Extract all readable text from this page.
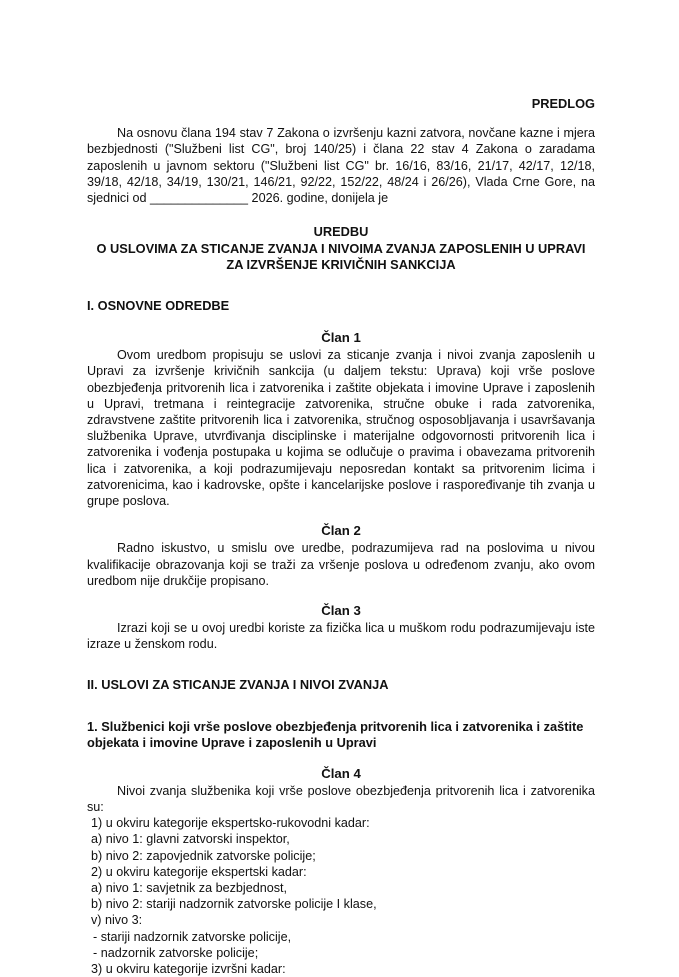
PREDLOG

Na osnovu člana 194 stav 7 Zakona o izvršenju kazni zatvora, novčane kazne i mjera bezbjednosti ("Službeni list CG", broj 140/25) i člana 22 stav 4 Zakona o zaradama zaposlenih u javnom sektoru ("Službeni list CG" br. 16/16, 83/16, 21/17, 42/17, 12/18, 39/18, 42/18, 34/19, 130/21, 146/21, 92/22, 152/22, 48/24 i 26/26), Vlada Crne Gore, na sjednici od ______________ 2026. godine, donijela je

UREDBU
O USLOVIMA ZA STICANJE ZVANJA I NIVOIMA ZVANJA ZAPOSLENIH U UPRAVI
ZA IZVRŠENJE KRIVIČNIH SANKCIJA
I. OSNOVNE ODREDBE
Član 1

Ovom uredbom propisuju se uslovi za sticanje zvanja i nivoi zvanja zaposlenih u Upravi za izvršenje krivičnih sankcija (u daljem tekstu: Uprava) koji vrše poslove obezbjeđenja pritvorenih lica i zatvorenika i zaštite objekata i imovine Uprave i zaposlenih u Upravi, tretmana i reintegracije zatvorenika, stručne obuke i rada zatvorenika, zdravstvene zaštite pritvorenih lica i zatvorenika, stručnog osposobljavanja i usavršavanja službenika Uprave, utvrđivanja disciplinske i materijalne odgovornosti pritvorenih lica i zatvorenika i vođenja postupaka u kojima se odlučuje o pravima i obavezama pritvorenih lica i zatvorenika, a koji podrazumijevaju neposredan kontakt sa pritvorenim licima i zatvorenicima, kao i kadrovske, opšte i kancelarijske poslove i raspoređivanje tih zvanja u grupe poslova.

Član 2

Radno iskustvo, u smislu ove uredbe, podrazumijeva rad na poslovima u nivou kvalifikacije obrazovanja koji se traži za vršenje poslova u određenom zvanju, ako ovom uredbom nije drukčije propisano.

Član 3

Izrazi koji se u ovoj uredbi koriste za fizička lica u muškom rodu podrazumijevaju iste izraze u ženskom rodu.

II. USLOVI ZA STICANJE ZVANJA I NIVOI ZVANJA
1. Službenici koji vrše poslove obezbjeđenja pritvorenih lica i zatvorenika i zaštite objekata i imovine Uprave i zaposlenih u Upravi
Član 4

Nivoi zvanja službenika koji vrše poslove obezbjeđenja pritvorenih lica i zatvorenika su:

1) u okviru kategorije ekspertsko-rukovodni kadar:

a) nivo 1: glavni zatvorski inspektor,

b) nivo 2: zapovjednik zatvorske policije;

2) u okviru kategorije ekspertski kadar:

a) nivo 1: savjetnik za bezbjednost,

b) nivo 2: stariji nadzornik zatvorske policije I klase,

v) nivo 3:

- stariji nadzornik zatvorske policije,

- nadzornik zatvorske policije;

3) u okviru kategorije izvršni kadar:
